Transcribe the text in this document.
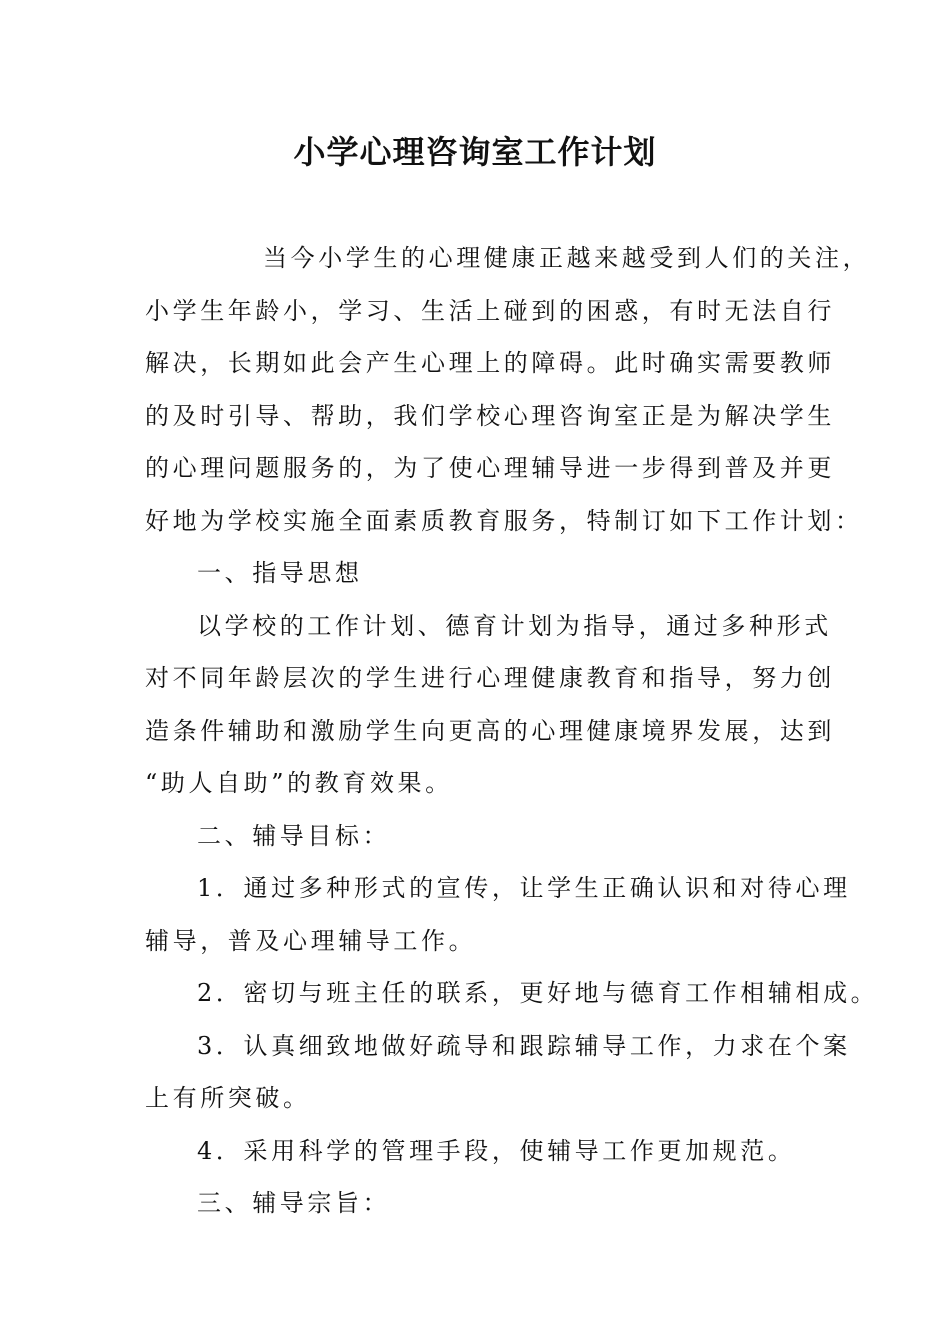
小学心理咨询室工作计划
当今小学生的心理健康正越来越受到人们的关注，
小学生年龄小，学习、生活上碰到的困惑，有时无法自行
解决，长期如此会产生心理上的障碍。此时确实需要教师
的及时引导、帮助，我们学校心理咨询室正是为解决学生
的心理问题服务的，为了使心理辅导进一步得到普及并更
好地为学校实施全面素质教育服务，特制订如下工作计划：
一、指导思想
以学校的工作计划、德育计划为指导，通过多种形式
对不同年龄层次的学生进行心理健康教育和指导，努力创
造条件辅助和激励学生向更高的心理健康境界发展，达到
“助人自助”的教育效果。
二、辅导目标：
1．通过多种形式的宣传，让学生正确认识和对待心理
辅导，普及心理辅导工作。
2．密切与班主任的联系，更好地与德育工作相辅相成。
3．认真细致地做好疏导和跟踪辅导工作，力求在个案
上有所突破。
4．采用科学的管理手段，使辅导工作更加规范。
三、辅导宗旨：
